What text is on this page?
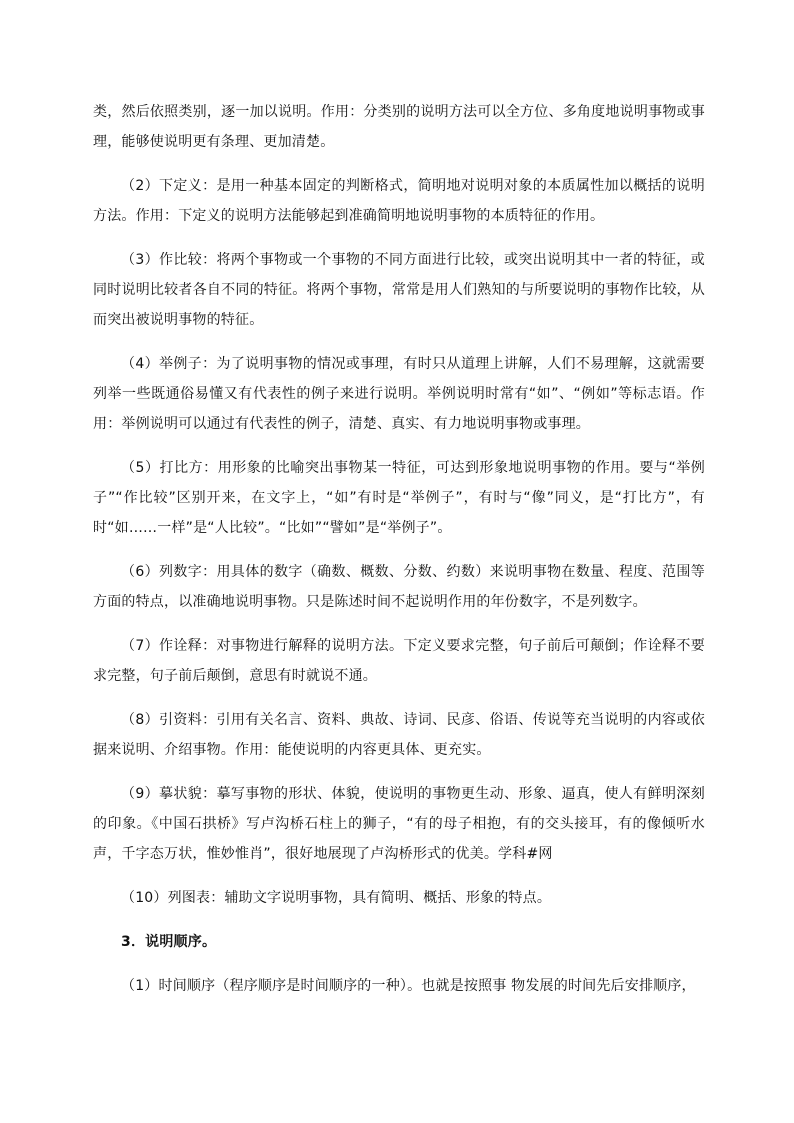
类，然后依照类别，逐一加以说明。作用：分类别的说明方法可以全方位、多角度地说明事物或事理，能够使说明更有条理、更加清楚。

（2）下定义：是用一种基本固定的判断格式，简明地对说明对象的本质属性加以概括的说明方法。作用：下定义的说明方法能够起到准确简明地说明事物的本质特征的作用。

（3）作比较：将两个事物或一个事物的不同方面进行比较，或突出说明其中一者的特征，或同时说明比较者各自不同的特征。将两个事物，常常是用人们熟知的与所要说明的事物作比较，从而突出被说明事物的特征。

（4）举例子：为了说明事物的情况或事理，有时只从道理上讲解，人们不易理解，这就需要列举一些既通俗易懂又有代表性的例子来进行说明。举例说明时常有“如”、“例如”等标志语。作用：举例说明可以通过有代表性的例子，清楚、真实、有力地说明事物或事理。

（5）打比方：用形象的比喻突出事物某一特征，可达到形象地说明事物的作用。要与“举例子”“作比较”区别开来，在文字上，“如”有时是“举例子”，有时与“像”同义，是“打比方”，有时“如……一样”是“人比较”。“比如”“譬如”是“举例子”。

（6）列数字：用具体的数字（确数、概数、分数、约数）来说明事物在数量、程度、范围等方面的特点，以准确地说明事物。只是陈述时间不起说明作用的年份数字，不是列数字。

（7）作诠释：对事物进行解释的说明方法。下定义要求完整，句子前后可颠倒；作诠释不要求完整，句子前后颠倒，意思有时就说不通。

（8）引资料：引用有关名言、资料、典故、诗词、民彦、俗语、传说等充当说明的内容或依据来说明、介绍事物。作用：能使说明的内容更具体、更充实。

（9）摹状貌：摹写事物的形状、体貌，使说明的事物更生动、形象、逼真，使人有鲜明深刻的印象。《中国石拱桥》写卢沟桥石柱上的狮子，“有的母子相抱，有的交头接耳，有的像倾听水声，千字态万状，惟妙惟肖”，很好地展现了卢沟桥形式的优美。学科#网

（10）列图表：辅助文字说明事物，具有简明、概括、形象的特点。

3．说明顺序。

（1）时间顺序（程序顺序是时间顺序的一种）。也就是按照事 物发展的时间先后安排顺序，
